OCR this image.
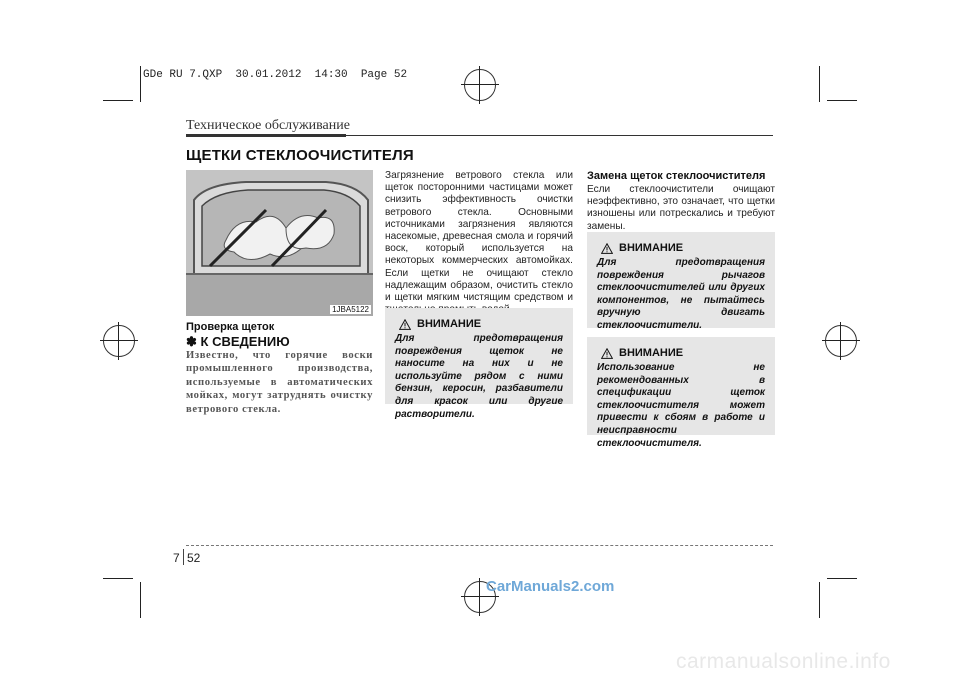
GDe RU 7.QXP  30.01.2012  14:30  Page 52
Техническое обслуживание
ЩЕТКИ СТЕКЛООЧИСТИТЕЛЯ
1JBA5122
Проверка щеток
✽ К СВЕДЕНИЮ
Известно, что горячие воски промышленного производства, используемые в автоматических мойках, могут затруднять очистку ветрового стекла.
Загрязнение ветрового стекла или щеток посторонними частицами может снизить эффективность очистки ветрового стекла. Основными источниками загрязнения являются насекомые, древесная смола и горячий воск, который используется на некоторых коммерческих автомойках. Если щетки не очищают стекло надлежащим образом, очистить стекло и щетки мягким чистящим средством и
ВНИМАНИЕ
Для предотвращения повреждения щеток не наносите на них и не используйте рядом с ними бензин, керосин, разбавители для красок или другие растворители.
Замена щеток стеклоочистителя
Если стеклоочистители очищают неэффективно, это означает, что щетки изношены или потрескались и требуют замены.
ВНИМАНИЕ
Для предотвращения повреждения рычагов стеклоочистителей или других компонентов, не пытайтесь вручную двигать стеклоочистители.
ВНИМАНИЕ
Использование не рекомендованных в спецификации щеток стеклоочистителя может привести к сбоям в работе и неисправности стеклоочистителя.
7 52
CarManuals2.com
carmanualsonline.info
